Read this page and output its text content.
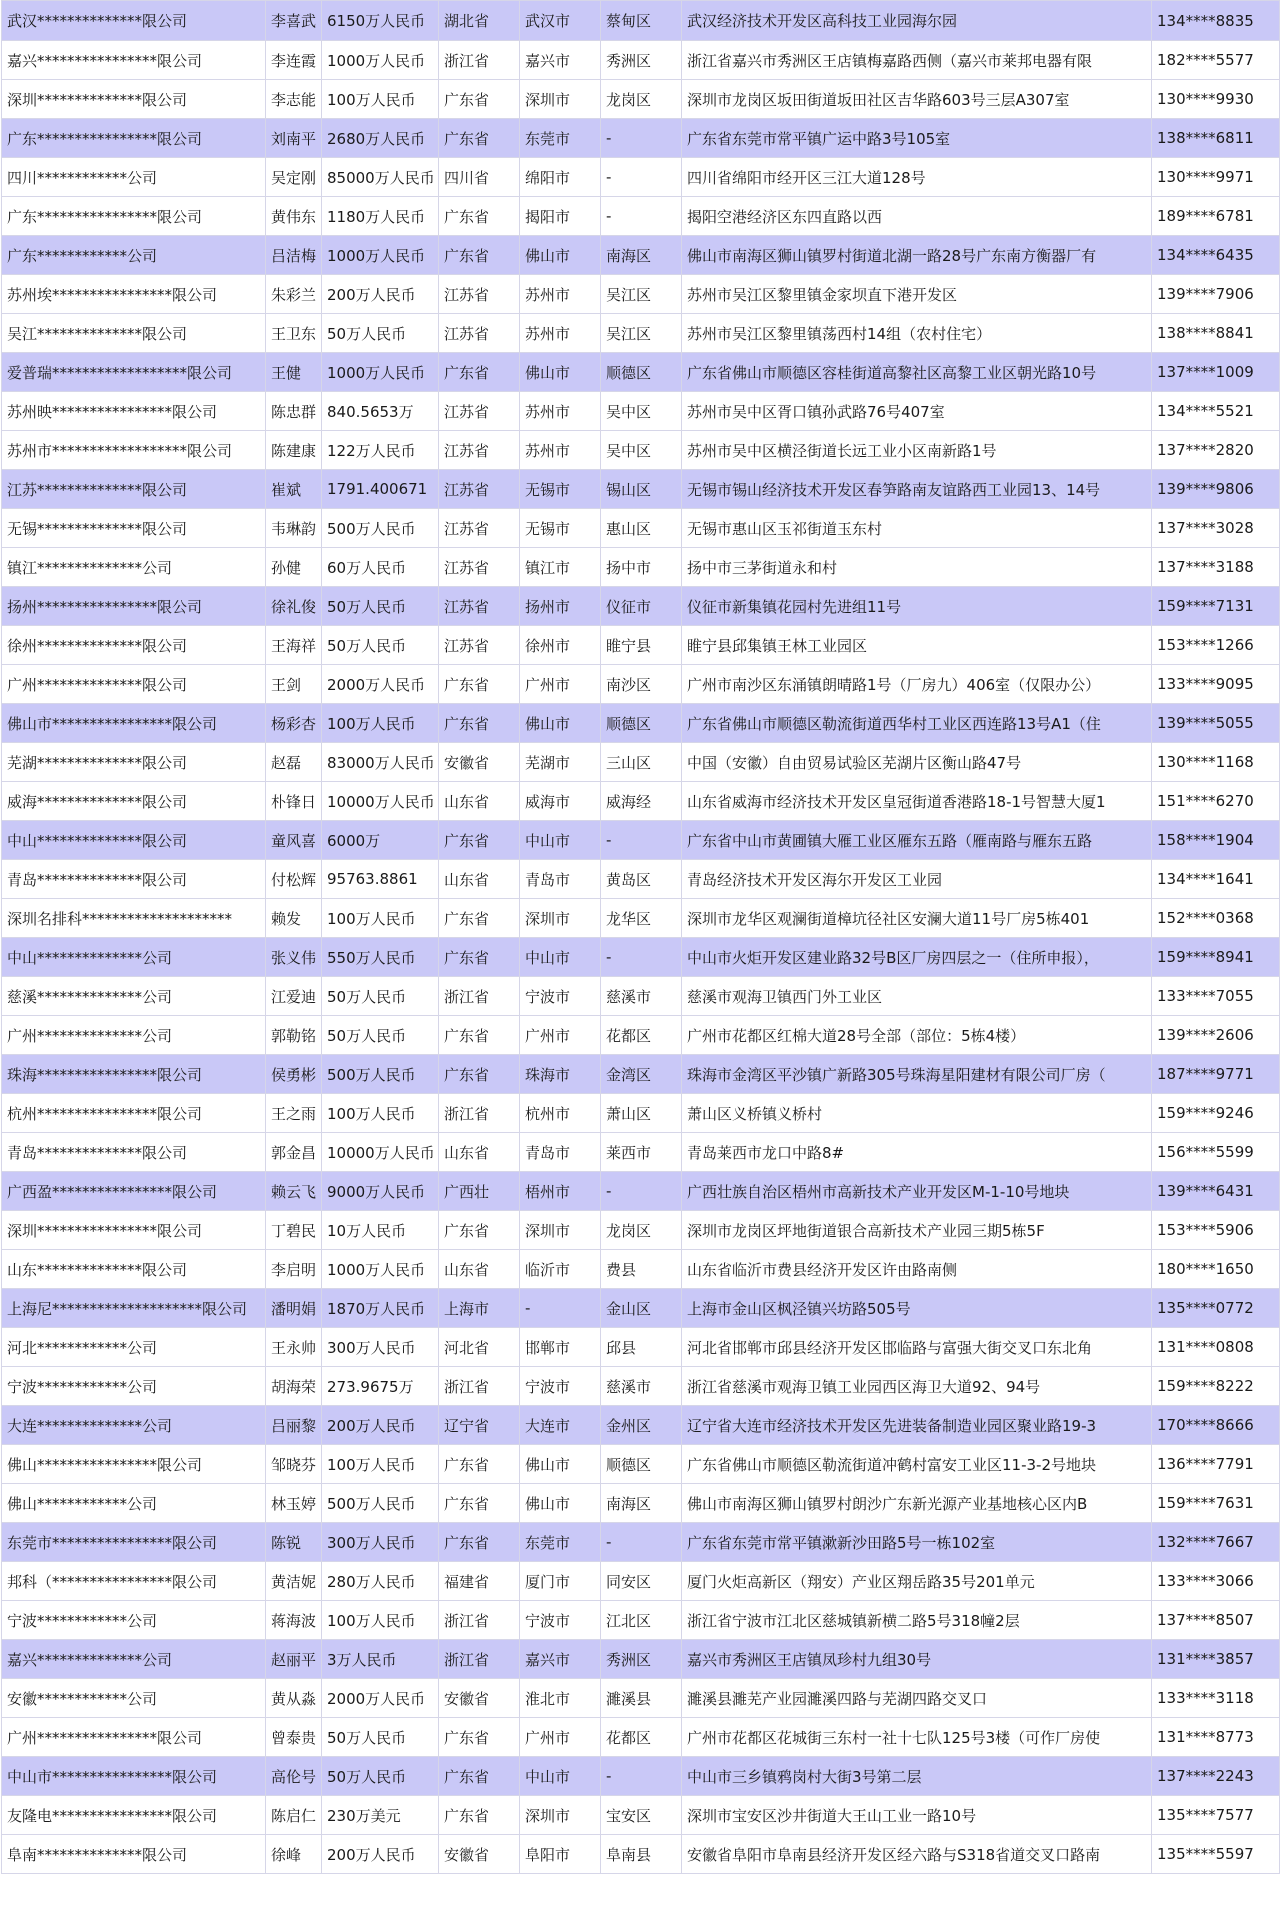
武汉**************限公司	李喜武	6150万人民币	湖北省	武汉市	蔡甸区	武汉经济技术开发区高科技工业园海尔园	134****8835
嘉兴****************限公司	李连霞	1000万人民币	浙江省	嘉兴市	秀洲区	浙江省嘉兴市秀洲区王店镇梅嘉路西侧（嘉兴市莱邦电器有限	182****5577
深圳**************限公司	李志能	100万人民币	广东省	深圳市	龙岗区	深圳市龙岗区坂田街道坂田社区吉华路603号三层A307室	130****9930
广东****************限公司	刘南平	2680万人民币	广东省	东莞市	-	广东省东莞市常平镇广运中路3号105室	138****6811
四川************公司	吴定刚	85000万人民币	四川省	绵阳市	-	四川省绵阳市经开区三江大道128号	130****9971
广东****************限公司	黄伟东	1180万人民币	广东省	揭阳市	-	揭阳空港经济区东四直路以西	189****6781
广东************公司	吕洁梅	1000万人民币	广东省	佛山市	南海区	佛山市南海区狮山镇罗村街道北湖一路28号广东南方衡器厂有	134****6435
苏州埃****************限公司	朱彩兰	200万人民币	江苏省	苏州市	吴江区	苏州市吴江区黎里镇金家坝直下港开发区	139****7906
吴江**************限公司	王卫东	50万人民币	江苏省	苏州市	吴江区	苏州市吴江区黎里镇荡西村14组（农村住宅）	138****8841
爱普瑞******************限公司	王健	1000万人民币	广东省	佛山市	顺德区	广东省佛山市顺德区容桂街道高黎社区高黎工业区朝光路10号	137****1009
苏州映****************限公司	陈忠群	840.5653万	江苏省	苏州市	吴中区	苏州市吴中区胥口镇孙武路76号407室	134****5521
苏州市******************限公司	陈建康	122万人民币	江苏省	苏州市	吴中区	苏州市吴中区横泾街道长远工业小区南新路1号	137****2820
江苏**************限公司	崔斌	1791.400671	江苏省	无锡市	锡山区	无锡市锡山经济技术开发区春笋路南友谊路西工业园13、14号	139****9806
无锡**************限公司	韦琳韵	500万人民币	江苏省	无锡市	惠山区	无锡市惠山区玉祁街道玉东村	137****3028
镇江**************公司	孙健	60万人民币	江苏省	镇江市	扬中市	扬中市三茅街道永和村	137****3188
扬州****************限公司	徐礼俊	50万人民币	江苏省	扬州市	仪征市	仪征市新集镇花园村先进组11号	159****7131
徐州**************限公司	王海祥	50万人民币	江苏省	徐州市	睢宁县	睢宁县邱集镇王林工业园区	153****1266
广州**************限公司	王剑	2000万人民币	广东省	广州市	南沙区	广州市南沙区东涌镇朗晴路1号（厂房九）406室（仅限办公）	133****9095
佛山市****************限公司	杨彩杏	100万人民币	广东省	佛山市	顺德区	广东省佛山市顺德区勒流街道西华村工业区西连路13号A1（住	139****5055
芜湖**************限公司	赵磊	83000万人民币	安徽省	芜湖市	三山区	中国（安徽）自由贸易试验区芜湖片区衡山路47号	130****1168
威海**************限公司	朴锋日	10000万人民币	山东省	威海市	威海经	山东省威海市经济技术开发区皇冠街道香港路18-1号智慧大厦1	151****6270
中山**************限公司	童风喜	6000万	广东省	中山市	-	广东省中山市黄圃镇大雁工业区雁东五路（雁南路与雁东五路	158****1904
青岛**************限公司	付松辉	95763.8861	山东省	青岛市	黄岛区	青岛经济技术开发区海尔开发区工业园	134****1641
深圳名排科********************	赖发	100万人民币	广东省	深圳市	龙华区	深圳市龙华区观澜街道樟坑径社区安澜大道11号厂房5栋401	152****0368
中山**************公司	张义伟	550万人民币	广东省	中山市	-	中山市火炬开发区建业路32号B区厂房四层之一（住所申报），	159****8941
慈溪**************公司	江爱迪	50万人民币	浙江省	宁波市	慈溪市	慈溪市观海卫镇西门外工业区	133****7055
广州**************公司	郭勒铭	50万人民币	广东省	广州市	花都区	广州市花都区红棉大道28号全部（部位：5栋4楼）	139****2606
珠海****************限公司	侯勇彬	500万人民币	广东省	珠海市	金湾区	珠海市金湾区平沙镇广新路305号珠海星阳建材有限公司厂房（	187****9771
杭州****************限公司	王之雨	100万人民币	浙江省	杭州市	萧山区	萧山区义桥镇义桥村	159****9246
青岛**************限公司	郭金昌	10000万人民币	山东省	青岛市	莱西市	青岛莱西市龙口中路8#	156****5599
广西盈****************限公司	赖云飞	9000万人民币	广西壮	梧州市	-	广西壮族自治区梧州市高新技术产业开发区M-1-10号地块	139****6431
深圳****************限公司	丁碧民	10万人民币	广东省	深圳市	龙岗区	深圳市龙岗区坪地街道银合高新技术产业园三期5栋5F	153****5906
山东**************限公司	李启明	1000万人民币	山东省	临沂市	费县	山东省临沂市费县经济开发区许由路南侧	180****1650
上海尼********************限公司	潘明娟	1870万人民币	上海市	-	金山区	上海市金山区枫泾镇兴坊路505号	135****0772
河北************公司	王永帅	300万人民币	河北省	邯郸市	邱县	河北省邯郸市邱县经济开发区邯临路与富强大街交叉口东北角	131****0808
宁波************公司	胡海荣	273.9675万	浙江省	宁波市	慈溪市	浙江省慈溪市观海卫镇工业园西区海卫大道92、94号	159****8222
大连**************公司	吕丽黎	200万人民币	辽宁省	大连市	金州区	辽宁省大连市经济技术开发区先进装备制造业园区聚业路19-3	170****8666
佛山****************限公司	邹晓芬	100万人民币	广东省	佛山市	顺德区	广东省佛山市顺德区勒流街道冲鹤村富安工业区11-3-2号地块	136****7791
佛山************公司	林玉婷	500万人民币	广东省	佛山市	南海区	佛山市南海区狮山镇罗村朗沙广东新光源产业基地核心区内B	159****7631
东莞市****************限公司	陈锐	300万人民币	广东省	东莞市	-	广东省东莞市常平镇漱新沙田路5号一栋102室	132****7667
邦科（****************限公司	黄洁妮	280万人民币	福建省	厦门市	同安区	厦门火炬高新区（翔安）产业区翔岳路35号201单元	133****3066
宁波************公司	蒋海波	100万人民币	浙江省	宁波市	江北区	浙江省宁波市江北区慈城镇新横二路5号318幢2层	137****8507
嘉兴**************公司	赵丽平	3万人民币	浙江省	嘉兴市	秀洲区	嘉兴市秀洲区王店镇凤珍村九组30号	131****3857
安徽************公司	黄从淼	2000万人民币	安徽省	淮北市	濉溪县	濉溪县濉芜产业园濉溪四路与芜湖四路交叉口	133****3118
广州****************限公司	曾泰贵	50万人民币	广东省	广州市	花都区	广州市花都区花城街三东村一社十七队125号3楼（可作厂房使	131****8773
中山市****************限公司	高伦号	50万人民币	广东省	中山市	-	中山市三乡镇鸦岗村大街3号第二层	137****2243
友隆电****************限公司	陈启仁	230万美元	广东省	深圳市	宝安区	深圳市宝安区沙井街道大王山工业一路10号	135****7577
阜南**************限公司	徐峰	200万人民币	安徽省	阜阳市	阜南县	安徽省阜阳市阜南县经济开发区经六路与S318省道交叉口路南	135****5597
